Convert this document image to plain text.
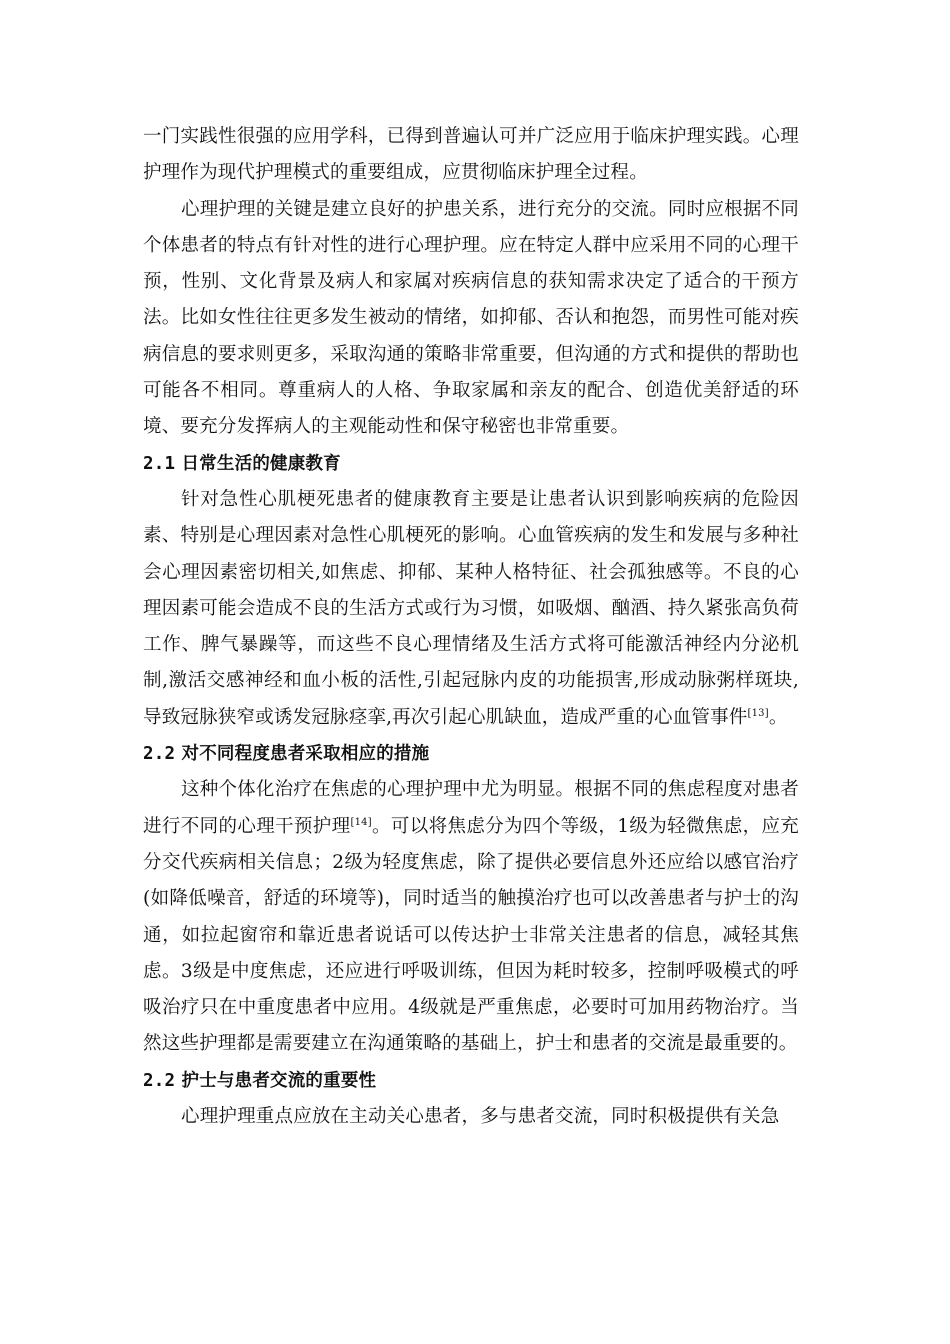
一门实践性很强的应用学科，已得到普遍认可并广泛应用于临床护理实践。心理护理作为现代护理模式的重要组成，应贯彻临床护理全过程。

心理护理的关键是建立良好的护患关系，进行充分的交流。同时应根据不同个体患者的特点有针对性的进行心理护理。应在特定人群中应采用不同的心理干预，性别、文化背景及病人和家属对疾病信息的获知需求决定了适合的干预方法。比如女性往往更多发生被动的情绪，如抑郁、否认和抱怨，而男性可能对疾病信息的要求则更多，采取沟通的策略非常重要，但沟通的方式和提供的帮助也可能各不相同。尊重病人的人格、争取家属和亲友的配合、创造优美舒适的环境、要充分发挥病人的主观能动性和保守秘密也非常重要。

2.1 日常生活的健康教育

针对急性心肌梗死患者的健康教育主要是让患者认识到影响疾病的危险因素、特别是心理因素对急性心肌梗死的影响。心血管疾病的发生和发展与多种社会心理因素密切相关,如焦虑、抑郁、某种人格特征、社会孤独感等。不良的心理因素可能会造成不良的生活方式或行为习惯，如吸烟、酗酒、持久紧张高负荷工作、脾气暴躁等，而这些不良心理情绪及生活方式将可能激活神经内分泌机制,激活交感神经和血小板的活性,引起冠脉内皮的功能损害,形成动脉粥样斑块,导致冠脉狭窄或诱发冠脉痉挛,再次引起心肌缺血，造成严重的心血管事件[13]。

2.2 对不同程度患者采取相应的措施

这种个体化治疗在焦虑的心理护理中尤为明显。根据不同的焦虑程度对患者进行不同的心理干预护理[14]。可以将焦虑分为四个等级，1级为轻微焦虑，应充分交代疾病相关信息；2级为轻度焦虑，除了提供必要信息外还应给以感官治疗(如降低噪音，舒适的环境等)，同时适当的触摸治疗也可以改善患者与护士的沟通，如拉起窗帘和靠近患者说话可以传达护士非常关注患者的信息，减轻其焦虑。3级是中度焦虑，还应进行呼吸训练，但因为耗时较多，控制呼吸模式的呼吸治疗只在中重度患者中应用。4级就是严重焦虑，必要时可加用药物治疗。当然这些护理都是需要建立在沟通策略的基础上，护士和患者的交流是最重要的。

2.2 护士与患者交流的重要性

心理护理重点应放在主动关心患者，多与患者交流，同时积极提供有关急
